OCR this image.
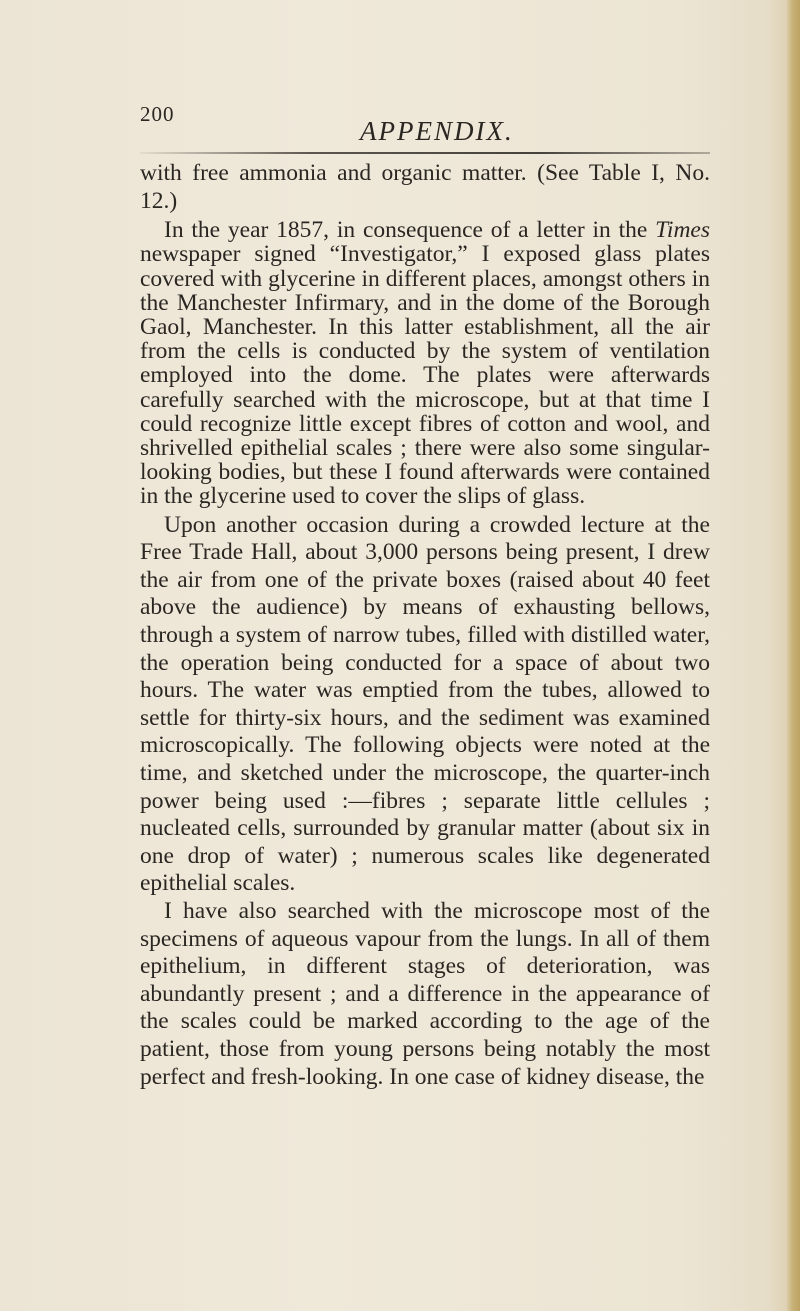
200
APPENDIX.

with free ammonia and organic matter. (See Table I, No. 12.)

In the year 1857, in consequence of a letter in the Times newspaper signed “Investigator,” I exposed glass plates covered with glycerine in different places, amongst others in the Manchester Infirmary, and in the dome of the Borough Gaol, Manchester. In this latter establishment, all the air from the cells is conducted by the system of ventilation employed into the dome. The plates were afterwards carefully searched with the microscope, but at that time I could recognize little except fibres of cotton and wool, and shrivelled epithelial scales ; there were also some singular-looking bodies, but these I found afterwards were contained in the glycerine used to cover the slips of glass.

Upon another occasion during a crowded lecture at the Free Trade Hall, about 3,000 persons being present, I drew the air from one of the private boxes (raised about 40 feet above the audience) by means of exhausting bellows, through a system of narrow tubes, filled with distilled water, the operation being conducted for a space of about two hours. The water was emptied from the tubes, allowed to settle for thirty-six hours, and the sediment was examined microscopically. The following objects were noted at the time, and sketched under the microscope, the quarter-inch power being used :—fibres ; separate little cellules ; nucleated cells, surrounded by granular matter (about six in one drop of water) ; numerous scales like degenerated epithelial scales.

I have also searched with the microscope most of the specimens of aqueous vapour from the lungs. In all of them epithelium, in different stages of deterioration, was abundantly present ; and a difference in the appearance of the scales could be marked according to the age of the patient, those from young persons being notably the most perfect and fresh-looking. In one case of kidney disease, the
